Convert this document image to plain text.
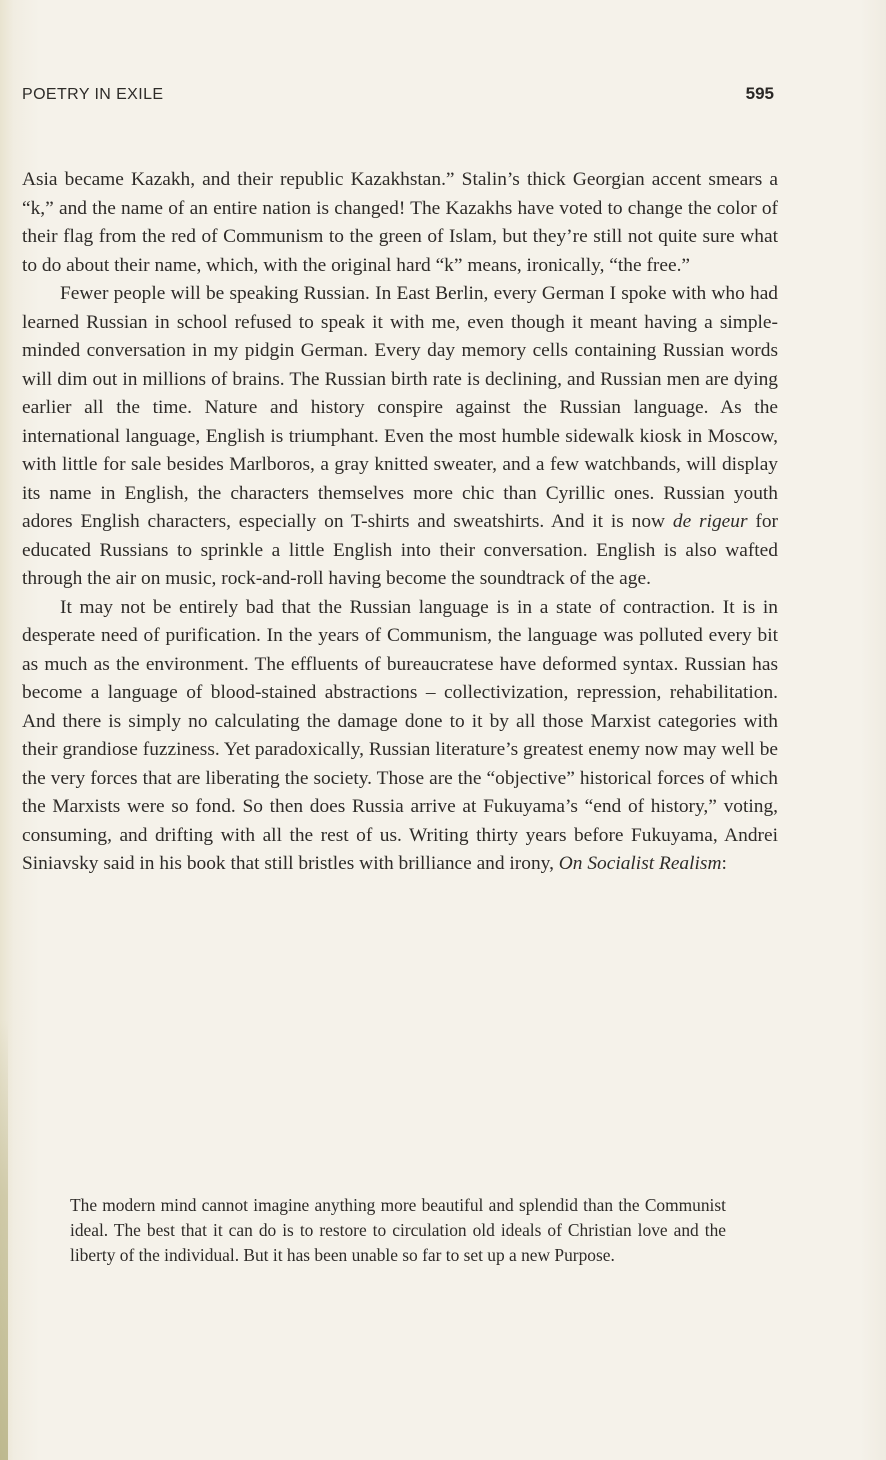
POETRY IN EXILE	595

Asia became Kazakh, and their republic Kazakhstan.” Stalin’s thick Georgian accent smears a “k,” and the name of an entire nation is changed! The Kazakhs have voted to change the color of their flag from the red of Communism to the green of Islam, but they’re still not quite sure what to do about their name, which, with the original hard “k” means, ironically, “the free.”

Fewer people will be speaking Russian. In East Berlin, every German I spoke with who had learned Russian in school refused to speak it with me, even though it meant having a simple-minded conversation in my pidgin German. Every day memory cells containing Russian words will dim out in millions of brains. The Russian birth rate is declining, and Russian men are dying earlier all the time. Nature and history conspire against the Russian language. As the international language, English is triumphant. Even the most humble sidewalk kiosk in Moscow, with little for sale besides Marlboros, a gray knitted sweater, and a few watchbands, will display its name in English, the characters themselves more chic than Cyrillic ones. Russian youth adores English characters, especially on T-shirts and sweatshirts. And it is now de rigeur for educated Russians to sprinkle a little English into their conversation. English is also wafted through the air on music, rock-and-roll having become the soundtrack of the age.

It may not be entirely bad that the Russian language is in a state of contraction. It is in desperate need of purification. In the years of Communism, the language was polluted every bit as much as the environment. The effluents of bureaucratese have deformed syntax. Russian has become a language of blood-stained abstractions – collectivization, repression, rehabilitation. And there is simply no calculating the damage done to it by all those Marxist categories with their grandiose fuzziness. Yet paradoxically, Russian literature’s greatest enemy now may well be the very forces that are liberating the society. Those are the “objective” historical forces of which the Marxists were so fond. So then does Russia arrive at Fukuyama’s “end of history,” voting, consuming, and drifting with all the rest of us. Writing thirty years before Fukuyama, Andrei Siniavsky said in his book that still bristles with brilliance and irony, On Socialist Realism:

The modern mind cannot imagine anything more beautiful and splendid than the Communist ideal. The best that it can do is to restore to circulation old ideals of Christian love and the liberty of the individual. But it has been unable so far to set up a new Purpose.
